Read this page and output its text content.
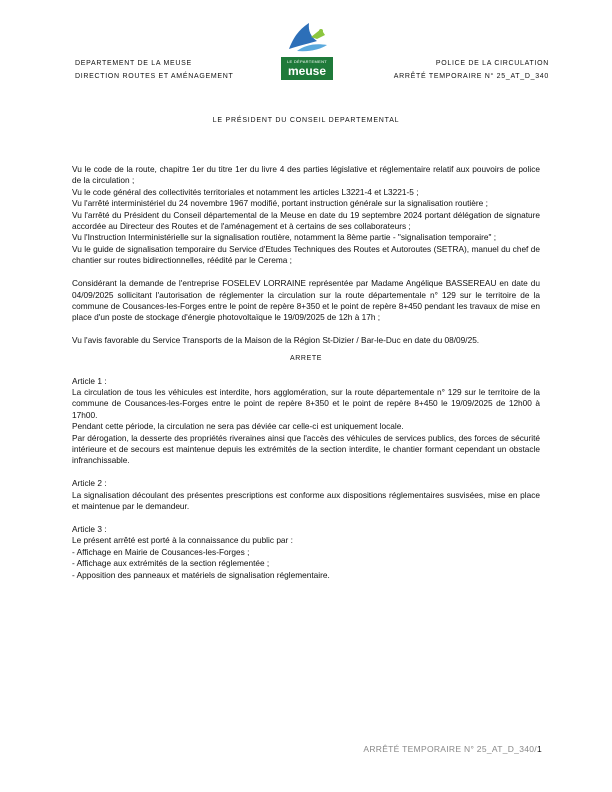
DEPARTEMENT DE LA MEUSE
DIRECTION ROUTES ET AMÉNAGEMENT
LE DÉPARTEMENT
meuse
POLICE DE LA CIRCULATION
ARRÊTÉ TEMPORAIRE N° 25_AT_D_340
LE PRÉSIDENT DU CONSEIL DEPARTEMENTAL

Vu le code de la route, chapitre 1er du titre 1er du livre 4 des parties législative et réglementaire relatif aux pouvoirs de police de la circulation ;

Vu le code général des collectivités territoriales et notamment les articles L3221-4 et L3221-5 ;

Vu l'arrêté interministériel du 24 novembre 1967 modifié, portant instruction générale sur la signalisation routière ;

Vu l'arrêté du Président du Conseil départemental de la Meuse en date du 19 septembre 2024 portant délégation de signature accordée au Directeur des Routes et de l'aménagement et à certains de ses collaborateurs ;

Vu l'Instruction Interministérielle sur la signalisation routière, notamment la 8ème partie - "signalisation temporaire" ;

Vu le guide de signalisation temporaire du Service d'Etudes Techniques des Routes et Autoroutes (SETRA), manuel du chef de chantier sur routes bidirectionnelles, réédité par le Cerema ;

Considérant la demande de l'entreprise FOSELEV LORRAINE représentée par Madame Angélique BASSEREAU en date du 04/09/2025 sollicitant l'autorisation de réglementer la circulation sur la route départementale n° 129 sur le territoire de la commune de Cousances-les-Forges entre le point de repère 8+350 et le point de repère 8+450 pendant les travaux de mise en place d'un poste de stockage d'énergie photovoltaïque le 19/09/2025 de 12h à 17h ;

Vu l'avis favorable du Service Transports de la Maison de la Région St-Dizier / Bar-le-Duc en date du 08/09/25.

ARRETE

Article 1 :

La circulation de tous les véhicules est interdite, hors agglomération, sur la route départementale n° 129 sur le territoire de la commune de Cousances-les-Forges entre le point de repère 8+350 et le point de repère 8+450 le 19/09/2025 de 12h00 à 17h00.

Pendant cette période, la circulation ne sera pas déviée car celle-ci est uniquement locale.

Par dérogation, la desserte des propriétés riveraines ainsi que l'accès des véhicules de services publics, des forces de sécurité intérieure et de secours est maintenue depuis les extrémités de la section interdite, le chantier formant cependant un obstacle infranchissable.

Article 2 :

La signalisation découlant des présentes prescriptions est conforme aux dispositions réglementaires susvisées, mise en place et maintenue par le demandeur.

Article 3 :

Le présent arrêté est porté à la connaissance du public par :

- Affichage en Mairie de Cousances-les-Forges ;

- Affichage aux extrémités de la section réglementée ;

- Apposition des panneaux et matériels de signalisation réglementaire.

ARRÊTÉ TEMPORAIRE N° 25_AT_D_340/1
